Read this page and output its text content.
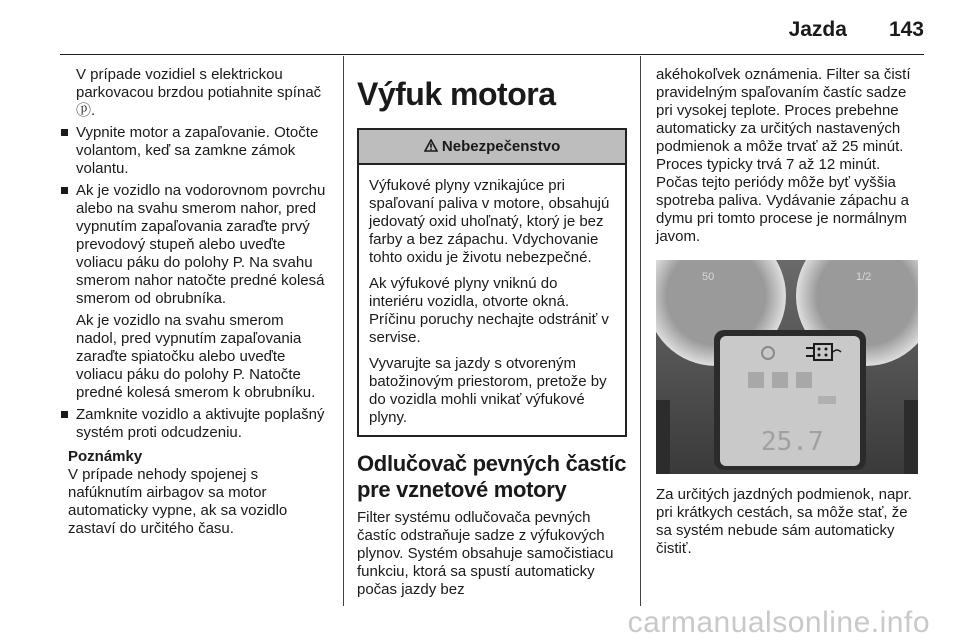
Jazda 143

V prípade vozidiel s elektrickou parkovacou brzdou potiahnite spínač ⓟ.

Vypnite motor a zapaľovanie. Otočte volantom, keď sa zamkne zámok volantu.
Ak je vozidlo na vodorovnom povrchu alebo na svahu smerom nahor, pred vypnutím zapaľovania zaraďte prvý prevodový stupeň alebo uveďte voliacu páku do polohy P. Na svahu smerom nahor natočte predné kolesá smerom od obrubníka.

Ak je vozidlo na svahu smerom nadol, pred vypnutím zapaľovania zaraďte spiatočku alebo uveďte voliacu páku do polohy P. Natočte predné kolesá smerom k obrubníku.

Zamknite vozidlo a aktivujte poplašný systém proti odcudzeniu.

Poznámky

V prípade nehody spojenej s nafúknutím airbagov sa motor automaticky vypne, ak sa vozidlo zastaví do určitého času.

Výfuk motora
Nebezpečenstvo

Výfukové plyny vznikajúce pri spaľovaní paliva v motore, obsahujú jedovatý oxid uhoľnatý, ktorý je bez farby a bez zápachu. Vdychovanie tohto oxidu je životu nebezpečné.

Ak výfukové plyny vniknú do interiéru vozidla, otvorte okná. Príčinu poruchy nechajte odstrániť v servise.

Vyvarujte sa jazdy s otvoreným batožinovým priestorom, pretože by do vozidla mohli vnikať výfukové plyny.

Odlučovač pevných častíc pre vznetové motory

Filter systému odlučovača pevných častíc odstraňuje sadze z výfukových plynov. Systém obsahuje samočistiacu funkciu, ktorá sa spustí automaticky počas jazdy bez

akéhokoľvek oznámenia. Filter sa čistí pravidelným spaľovaním častíc sadze pri vysokej teplote. Proces prebehne automaticky za určitých nastavených podmienok a môže trvať až 25 minút. Proces typicky trvá 7 až 12 minút. Počas tejto periódy môže byť vyššia spotreba paliva. Vydávanie zápachu a dymu pri tomto procese je normálnym javom.

50	1/2
25.7

Za určitých jazdných podmienok, napr. pri krátkych cestách, sa môže stať, že sa systém nebude sám automaticky čistiť.

carmanualsonline.info
